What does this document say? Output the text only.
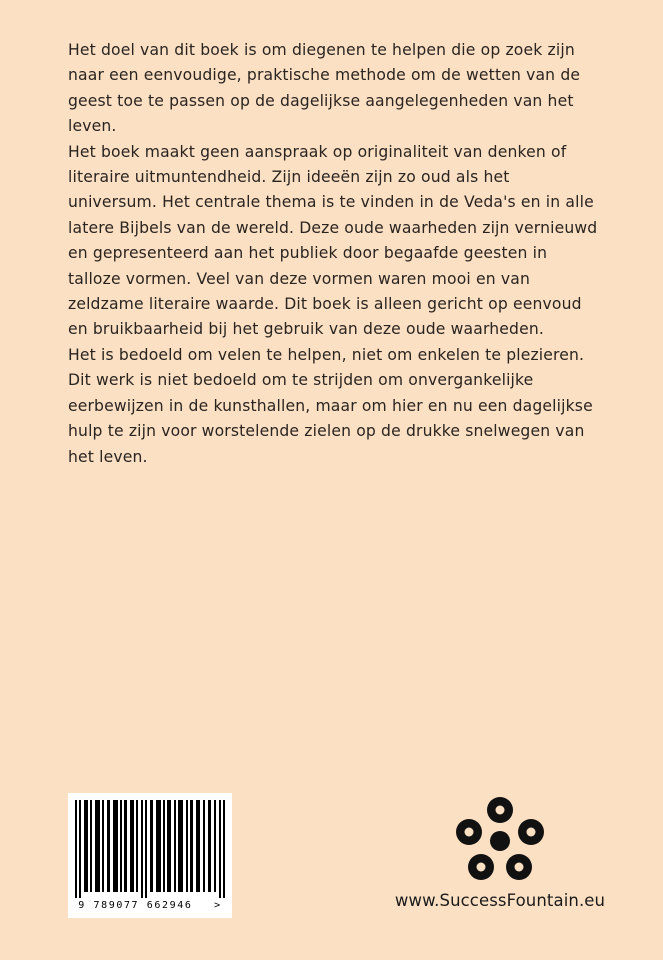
Het doel van dit boek is om diegenen te helpen die op zoek zijn naar een eenvoudige, praktische methode om de wetten van de geest toe te passen op de dagelijkse aangelegenheden van het leven.

Het boek maakt geen aanspraak op originaliteit van denken of literaire uitmuntendheid. Zijn ideeën zijn zo oud als het universum. Het centrale thema is te vinden in de Veda's en in alle latere Bijbels van de wereld. Deze oude waarheden zijn vernieuwd en gepresenteerd aan het publiek door begaafde geesten in talloze vormen. Veel van deze vormen waren mooi en van zeldzame literaire waarde. Dit boek is alleen gericht op eenvoud en bruikbaarheid bij het gebruik van deze oude waarheden.

Het is bedoeld om velen te helpen, niet om enkelen te plezieren. Dit werk is niet bedoeld om te strijden om onvergankelijke eerbewijzen in de kunsthallen, maar om hier en nu een dagelijkse hulp te zijn voor worstelende zielen op de drukke snelwegen van het leven.

9 789077 662946 >	www.SuccessFountain.eu
